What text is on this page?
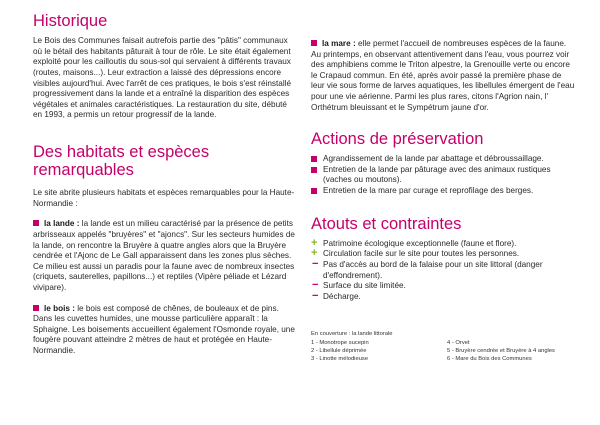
Historique

Le Bois des Communes faisait autrefois partie des "pâtis" communaux où le bétail des habitants pâturait à tour de rôle. Le site était également exploité pour les cailloutis du sous-sol qui servaient à différents travaux (routes, maisons...). Leur extraction a laissé des dépressions encore visibles aujourd'hui. Avec l'arrêt de ces pratiques, le bois s'est réinstallé progressivement dans la lande et a entraîné la disparition des espèces végétales et animales caractéristiques. La restauration du site, débuté en 1993, a permis un retour progressif de la lande.

Des habitats et espèces remarquables

Le site abrite plusieurs habitats et espèces remarquables pour la Haute-Normandie :

la lande : la lande est un milieu caractérisé par la présence de petits arbrisseaux appelés "bruyères" et "ajoncs". Sur les secteurs humides de la lande, on rencontre la Bruyère à quatre angles alors que la Bruyère cendrée et l'Ajonc de Le Gall apparaissent dans les zones plus sèches. Ce milieu est aussi un paradis pour la faune avec de nombreux insectes (criquets, sauterelles, papillons...) et reptiles (Vipère péliade et Lézard vivipare).

le bois : le bois est composé de chênes, de bouleaux et de pins. Dans les cuvettes humides, une mousse particulière apparaît : la Sphaigne. Les boisements accueillent également l'Osmonde royale, une fougère pouvant atteindre 2 mètres de haut et protégée en Haute-Normandie.

la mare : elle permet l'accueil de nombreuses espèces de la faune. Au printemps, en observant attentivement dans l'eau, vous pourrez voir des amphibiens comme le Triton alpestre, la Grenouille verte ou encore le Crapaud commun. En été, après avoir passé la première phase de leur vie sous forme de larves aquatiques, les libellules émergent de l'eau pour une vie aérienne. Parmi les plus rares, citons l'Agrion nain, l' Orthétrum bleuissant et le Sympétrum jaune d'or.

Actions de préservation
Agrandissement de la lande par abattage et débroussaillage.
Entretien de la lande par pâturage avec des animaux rustiques (vaches ou moutons).
Entretien de la mare par curage et reprofilage des berges.
Atouts et contraintes
+ Patrimoine écologique exceptionnelle (faune et flore).
+ Circulation facile sur le site pour toutes les personnes.
− Pas d'accès au bord de la falaise pour un site littoral (danger d'effondrement).
− Surface du site limitée.
− Décharge.
En couverture : la lande littorale
1 - Monotrope sucepin	4 - Orvet
2 - Libellule déprimée	5 - Bruyère cendrée et Bruyère à 4 angles
3 - Linotte mélodieuse	6 - Mare du Bois des Communes
